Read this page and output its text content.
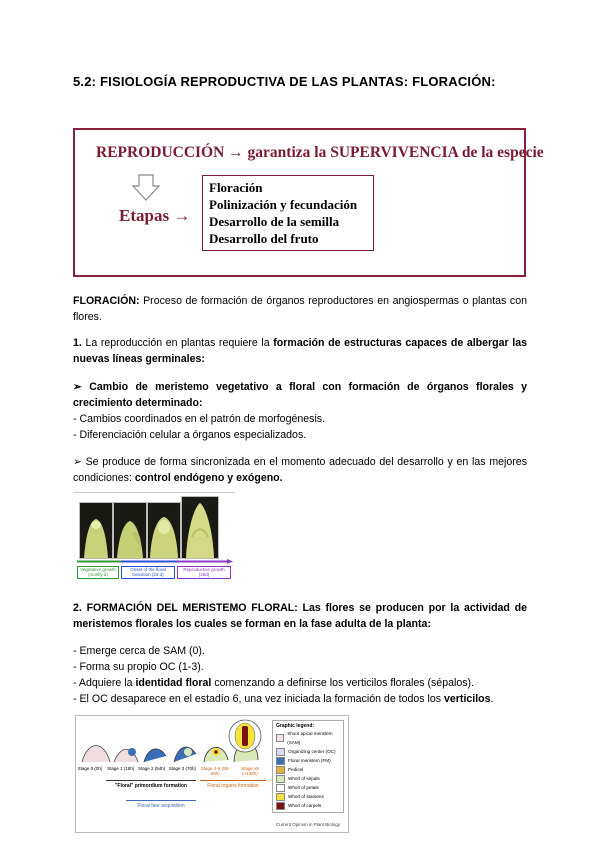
5.2: FISIOLOGÍA REPRODUCTIVA DE LAS PLANTAS: FLORACIÓN:
REPRODUCCIÓN → garantiza la SUPERVIVENCIA de la especie
Etapas →
Floración
Polinización y fecundación
Desarrollo de la semilla
Desarrollo del fruto
FLORACIÓN: Proceso de formación de órganos reproductores en angiospermas o plantas con flores.
1. La reproducción en plantas requiere la formación de estructuras capaces de albergar las nuevas líneas germinales:
➢ Cambio de meristemo vegetativo a floral con formación de órganos florales y crecimiento determinado:
- Cambios coordinados en el patrón de morfogénesis.
- Diferenciación celular a órganos especializados.
➢ Se produce de forma sincronizada en el momento adecuado del desarrollo y en las mejores condiciones: control endógeno y exógeno.
Vegetative growth (mostly d)
Onset of the floral transition (23 d)
Reproductive growth (29d)
2. FORMACIÓN DEL MERISTEMO FLORAL: Las flores se producen por la actividad de meristemos florales los cuales se forman en la fase adulta de la planta:
- Emerge cerca de SAM (0).
- Forma su propio OC (1-3).
- Adquiere la identidad floral comenzando a definirse los verticilos florales (sépalos).
- El OC desaparece en el estadío 6, una vez iniciada la formación de todos los verticilos.
Stage 0 (0h)	Stage 1 (18h) Stage 2 (54h) Stage 3 (70h)	Stage 4-6 (58-90h)
Stage x8 (>138h)
"Floral" primordium formation	Floral organs formation
Floral fate acquisition
Graphic legend:
Shoot apical meristem (SAM)
Organizing center (OC)
Floral meristem (FM)
Pedicel
Whorl of sepals
Whorl of petals
Whorl of stamens
Whorl of carpels
Current Opinion in Plant Biology
